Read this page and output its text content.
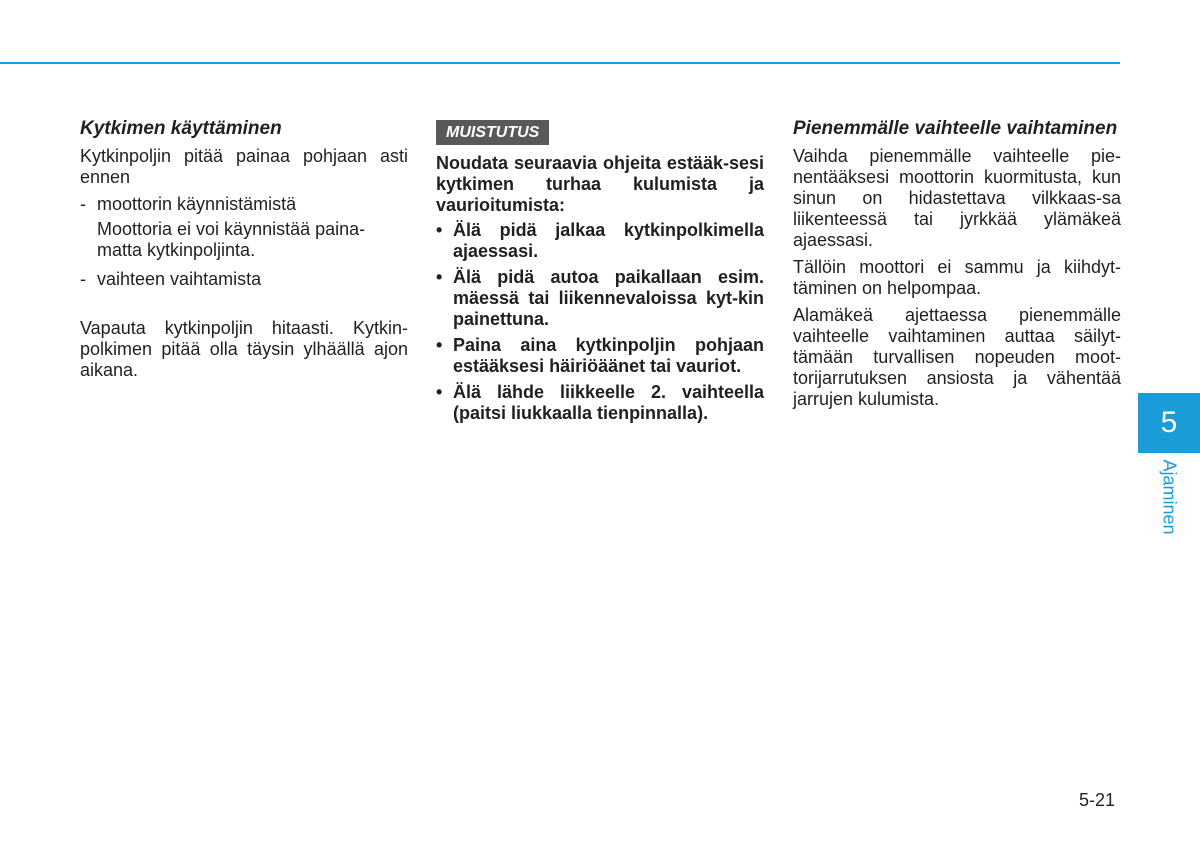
Kytkimen käyttäminen

Kytkinpoljin pitää painaa pohjaan asti ennen

- moottorin käynnistämistä

Moottoria ei voi käynnistää paina-matta kytkinpoljinta.

- vaihteen vaihtamista

Vapauta kytkinpoljin hitaasti. Kytkin-polkimen pitää olla täysin ylhäällä ajon aikana.

MUISTUTUS

Noudata seuraavia ohjeita estääk-sesi kytkimen turhaa kulumista ja vaurioitumista:

• Älä pidä jalkaa kytkinpolkimella ajaessasi.
• Älä pidä autoa paikallaan esim. mäessä tai liikennevaloissa kyt-kin painettuna.
• Paina aina kytkinpoljin pohjaan estääksesi häiriöäänet tai vauriot.
• Älä lähde liikkeelle 2. vaihteella (paitsi liukkaalla tienpinnalla).
Pienemmälle vaihteelle vaihtaminen

Vaihda pienemmälle vaihteelle pie-nentääksesi moottorin kuormitusta, kun sinun on hidastettava vilkkaas-sa liikenteessä tai jyrkkää ylämäkeä ajaessasi.

Tällöin moottori ei sammu ja kiihdyt-täminen on helpompaa.

Alamäkeä ajettaessa pienemmälle vaihteelle vaihtaminen auttaa säilyt-tämään turvallisen nopeuden moot-torijarrutuksen ansiosta ja vähentää jarrujen kulumista.

5
Ajaminen
5-21
